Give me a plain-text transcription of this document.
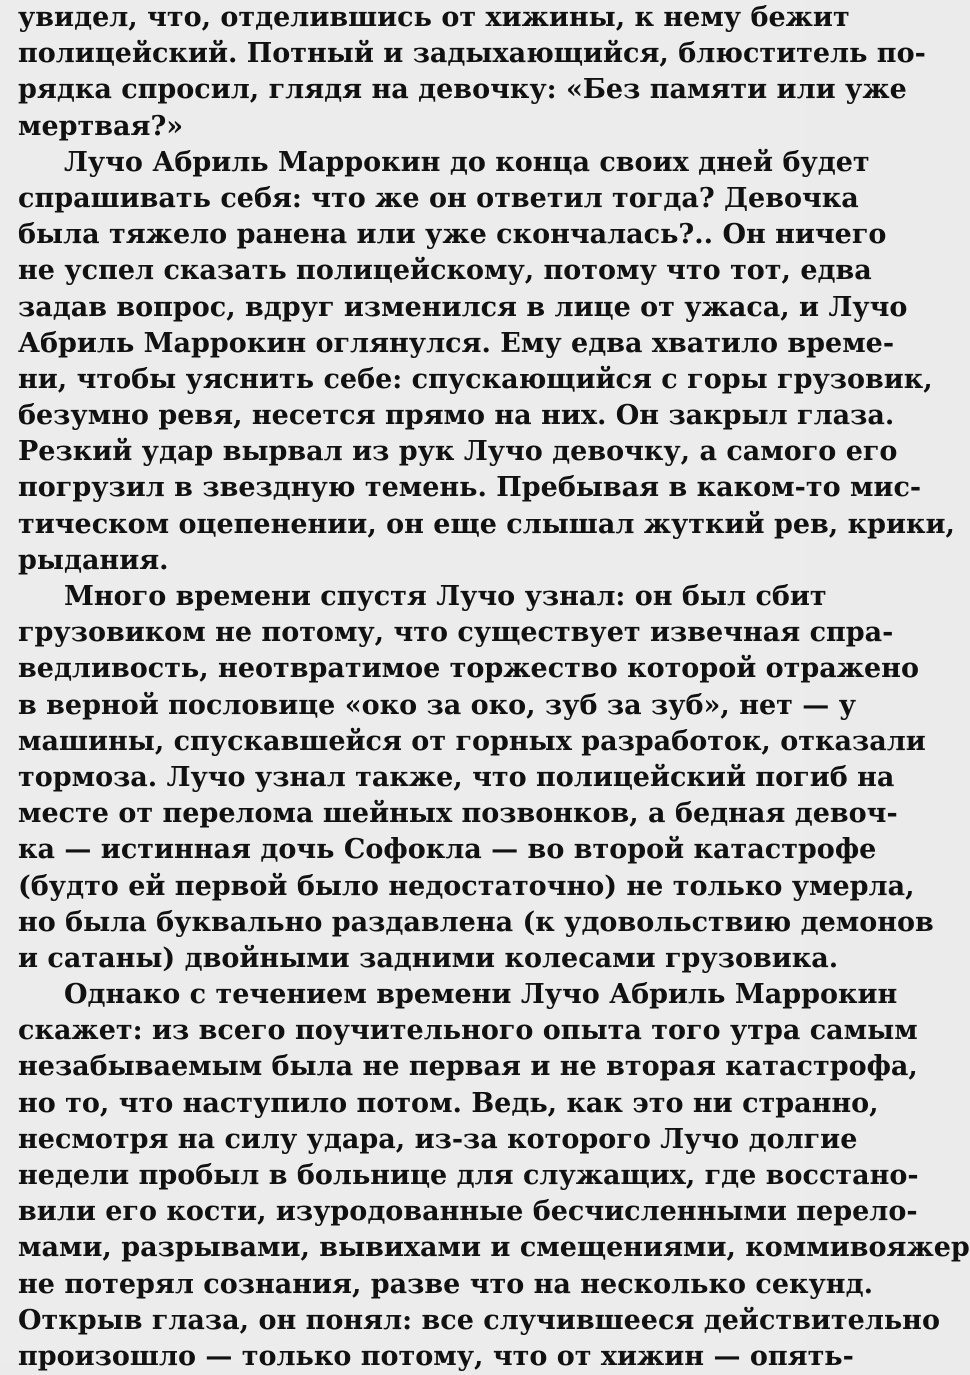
увидел, что, отделившись от хижины, к нему бежит
полицейский. Потный и задыхающийся, блюститель по-
рядка спросил, глядя на девочку: «Без памяти или уже
мертвая?»
Лучо Абриль Маррокин до конца своих дней будет
спрашивать себя: что же он ответил тогда? Девочка
была тяжело ранена или уже скончалась?.. Он ничего
не успел сказать полицейскому, потому что тот, едва
задав вопрос, вдруг изменился в лице от ужаса, и Лучо
Абриль Маррокин оглянулся. Ему едва хватило време-
ни, чтобы уяснить себе: спускающийся с горы грузовик,
безумно ревя, несется прямо на них. Он закрыл глаза.
Резкий удар вырвал из рук Лучо девочку, а самого его
погрузил в звездную темень. Пребывая в каком-то мис-
тическом оцепенении, он еще слышал жуткий рев, крики,
рыдания.
Много времени спустя Лучо узнал: он был сбит
грузовиком не потому, что существует извечная спра-
ведливость, неотвратимое торжество которой отражено
в верной пословице «око за око, зуб за зуб», нет — у
машины, спускавшейся от горных разработок, отказали
тормоза. Лучо узнал также, что полицейский погиб на
месте от перелома шейных позвонков, а бедная девоч-
ка — истинная дочь Софокла — во второй катастрофе
(будто ей первой было недостаточно) не только умерла,
но была буквально раздавлена (к удовольствию демонов
и сатаны) двойными задними колесами грузовика.
Однако с течением времени Лучо Абриль Маррокин
скажет: из всего поучительного опыта того утра самым
незабываемым была не первая и не вторая катастрофа,
но то, что наступило потом. Ведь, как это ни странно,
несмотря на силу удара, из-за которого Лучо долгие
недели пробыл в больнице для служащих, где восстано-
вили его кости, изуродованные бесчисленными перело-
мами, разрывами, вывихами и смещениями, коммивояжер
не потерял сознания, разве что на несколько секунд.
Открыв глаза, он понял: все случившееся действительно
произошло — только потому, что от хижин — опять-
